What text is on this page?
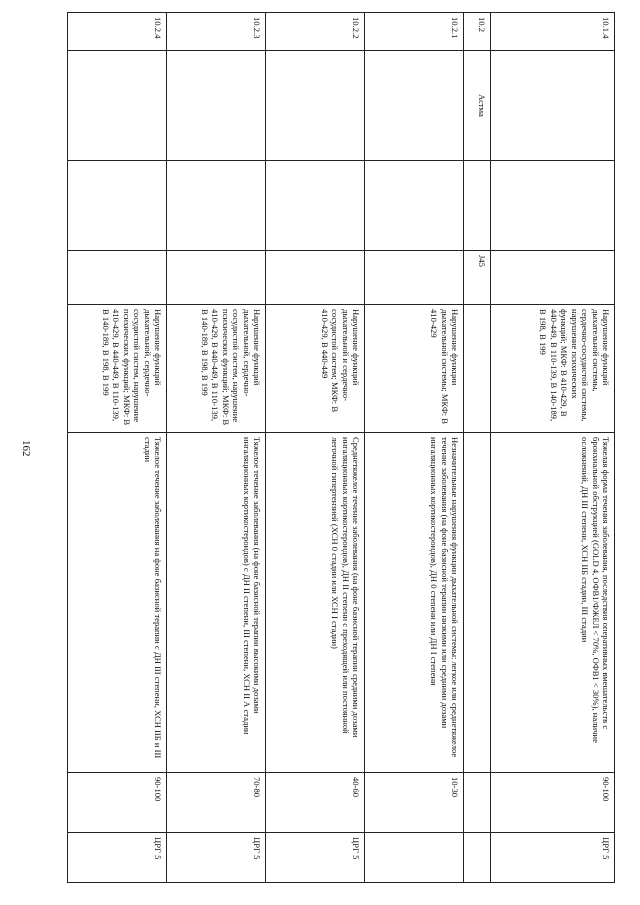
162
10.1.4				Нарушение функций дыхательной системы, сердечно-сосудистой системы, нарушение психических функций; МКФ: В 410-429, В 440-449, В 110-139, В 140-189, В 198, В 199	Тяжелая форма течения заболевания, последствия оперативных вмешательств с бронхиальной обструкцией (GOLD 4, ОФВ1/ФЖЕЛ < 70%, ОФВ1 < 30%), наличие осложнений, ДН III степени, ХСН IIБ стадии, III стадии	90-100	ЦРГ 5
10.2	Астма		J45				
10.2.1				Нарушение функции дыхательной системы; МКФ: В 410-429	Незначительные нарушения функции дыхательной системы: легкое или среднетяжелое течение заболевания (на фоне базисной терапии низкими или средними дозами ингаляционных кортикостероидов), ДН 0 степени или ДН I степени	10-30	
10.2.2				Нарушение функций дыхательной и сердечно-сосудистой систем; МКФ: В 410-429, В 440-449	Среднетяжелое течение заболевания (на фоне базисной терапии средними дозами ингаляционных кортикостероидов), ДН II степени с преходящей или постоянной легочной гипертензией (ХСН 0 стадии или ХСН I стадии)	40-60	ЦРГ 5
10.2.3				Нарушение функций дыхательной, сердечно-сосудистой систем, нарушение психических функций; МКФ: В 410-429, В 440-449, В 110-139, В 140-189, В 198, В 199	Тяжелое течение заболевания (на фоне базисной терапии высокими дозами ингаляционных кортикостероидов) с ДН II степени, III степени, ХСН II А стадии	70-80	ЦРГ 5
10.2.4				Нарушение функций дыхательной, сердечно-сосудистой систем, нарушение психических функций; МКФ: В 410-429, В 440-449, В 110-139, В 140-189, В 198, В 199	Тяжелое течение заболевания на фоне базисной терапии с ДН III степени, ХСН IIБ и III стадии	90-100	ЦРГ 5
